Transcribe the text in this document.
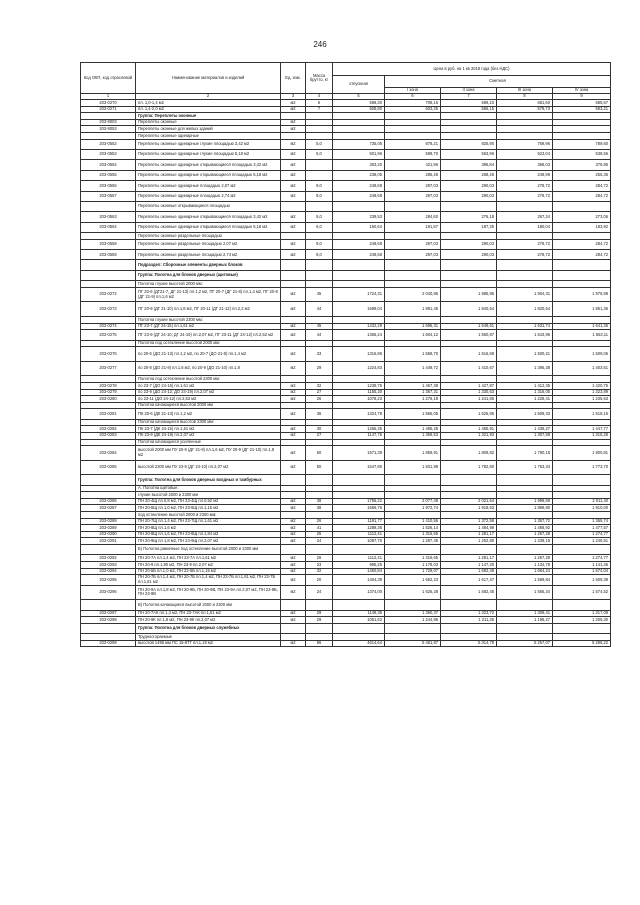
246
Код ОКП, код отраслевой	Наименование материалов и изделий	Ед. изм.	Масса брутто, кг	Цена в руб. на 1 кв 2018 года (без НДС)				
				отпускная	Сметная			
					I зона	II зона	III зона	IV зона
1	2	3	4	5	6	7	8	9
203-0270	пл. 1,0-1,4 м2	м2	6	598,30	708,16	689,10	681,60	685,67
203-0271	пл. 1,4-2,0 м2	м2	7	508,80	603,35	586,15	579,73	583,21
	Группа: Переплеты оконные							
203-9003	Переплеты оконные	м2						
203-9053	Переплеты оконные для жилых зданий	м2						
	Переплеты оконные одинарные							
203-0552	Переплеты оконные одинарные глухие площадью 3,42 м2	м2	5,0	735,05	878,21	825,90	769,96	789,60
203-0553	Переплеты оконные одинарные глухие площадью 5,18 м2	м2	5,0	501,96	599,70	563,96	523,04	538,56
203-0554	Переплеты оконные одинарные открывающиеся площадью 3,42 м2	м2		353,20	421,96	396,84	368,03	378,95
203-0555	Переплеты оконные одинарные открывающиеся площадью 5,18 м2	м2		238,05	285,48	268,48	248,99	256,35
203-0556	Переплеты оконные одинарные площадью 2,07 м2	м2	9,0	248,68	297,03	290,03	278,72	284,72
203-0557	Переплеты оконные одинарные площадью 2,74 м2	м2	8,0	248,68	297,03	290,03	278,72	284,72
	Переплеты оконные открывающиеся площадью							
203-0563	Переплеты оконные одинарные открывающиеся площадью 3,42 м2	м2	5,0	239,53	284,60	276,18	267,34	273,06
203-0564	Переплеты оконные одинарные открывающиеся площадью 5,18 м2	м2	6,0	160,64	191,87	187,35	180,04	183,92
	Переплеты оконные раздельные площадью							
203-0558	Переплеты оконные раздельные площадью 2,07 м2	м2	9,0	248,68	297,03	290,03	278,72	284,72
203-0559	Переплеты оконные раздельные площадью 2,74 м2	м2	8,0	248,68	297,03	290,03	278,72	284,72
	Подраздел: Сборочные элементы дверных блоков							
	Группа: Полотна для блоков дверных (щитовые)							
	Полотна глухие высотой 2000 мм:							
203-0272	ПГ 20-6 (ДГ21-7, ДГ 21-13) пл.1,2 м2, ПГ 20-7 (ДГ 21-8) пл.1,4 м2, ПГ 20-8 (ДГ 21-9) пл.1,6 м2	м2	45	1724,31	2 040,86	1 985,86	1 904,31	1 975,99
203-0273	ПГ 20-9 (ДГ 21-10) пл.1,8 м2, ПГ 20-11 (ДГ 21-12) пл.2,2 м2	м2	44	1598,04	1 891,45	1 840,54	1 820,54	1 851,36
	Полотна глухие высотой 2300 мм:							
203-0274	ПГ 23-7 (ДГ 24-15) пл.1,61 м2	м2	45	1432,29	1 695,31	1 649,61	1 631,74	1 641,36
203-0275	ПГ 23-9 (ДГ 24-10; ДГ 24-19) пл.2,07 м2, ПГ 23-11 (ДГ 24-12) пл.2,53 м2	м2	44	1365,24	1 604,12	1 560,87	1 543,96	1 553,11
	Полотна под остекление высотой 2000 мм:							
203-0276	по 20-6 (ДО 21-13) пл.1,2 м2, по 20-7 (ДО 21-8) пл.1,4 м2	м2	33	1316,86	1 558,70	1 516,68	1 500,21	1 509,06
203-0277	по 20-8 (ДО 21-9) пл.1,6 м2, по 20-9 (ДО 21-10) пл.1,8	м2	29	1224,83	1 449,72	1 410,67	1 395,38	1 403,61
	Полотна под остекление высотой 2300 мм:							
203-0278	по 23-7 (ДО 24-15) пл.1,61 м2	м2	32	1239,75	1 467,38	1 427,87	1 412,35	1 420,75
203-0279	по 23-9 (ДО 24-12; ДО 24-19) пл.2,07 м2	м2	27	1155,20	1 367,31	1 330,53	1 316,05	1 323,89
203-0280	по 23-11 (ДО 24-12) пл.2,53 м2	м2	26	1078,23	1 276,19	1 241,85	1 228,41	1 235,63
	Полотна качающиеся высотой 2000 мм							
203-0281	ПК 20-6 (ДК 21-13) пл.1,2 м2	м2	36	1324,78	1 566,05	1 525,85	1 509,33	1 518,16
	Полотна качающиеся высотой 2300 мм:							
203-0282	ПК 23-7 (ДК 24-15) пл.1,61 м2	м2	30	1265,35	1 495,28	1 455,91	1 439,27	1 447,77
203-0283	ПК 23-9 (ДК 24-19) пл.2,07 м2	м2	27	1147,76	1 358,53	1 321,93	1 307,59	1 315,28
	Полотна качающиеся усиленные							
203-0284	высотой 2000 мм ПУ 20-9 (ДГ 21-9) пл.1,6 м2, ПУ 20-9 (ДГ 21-10) пл.1,8 м2	м2	60	1571,39	1 859,91	1 809,82	1 790,18	1 800,81
203-0285	высотой 2300 мм ПУ 23-9 (ДГ 24-10) пл.2,07 м2	м2	50	1547,80	1 831,98	1 782,60	1 763,34	1 773,70
	Группа: Полотна для блоков дверных входных и тамбурных							
	А. Полотна щитовые:							
	глухие высотой 2000 и 2300 мм							
203-0286	ПН 20-4Щ пл.0,8 м2, ПН 23-4Щ пл.0,92 м2	м2	38	1755,22	2 077,49	2 021,54	1 999,59	2 011,40
203-0287	ПН 20-5Щ пл.1,0 м2, ПН 23-5Щ пл.1,15 м2	м2	38	1666,76	1 972,74	1 919,63	1 898,80	1 910,00
	под остекление высотой 2000 и 2300 мм:							
203-0288	ПН 20-7Щ пл.1,4 м2, ПН 23-7Щ пл.1,61 м2	м2	26	1191,77	1 410,56	1 372,58	1 357,72	1 365,74
203-0289	ПН 20-8Щ пл.1,6 м2	м2	41	1289,36	1 526,14	1 484,98	1 468,92	1 477,57
203-0290	ПН 20-8Щ пл.1,6 м2, ПН 23-8Щ пл.1,84 м2	м2	25	1112,41	1 316,65	1 281,17	1 267,28	1 274,77
203-0291	ПН 20-9Щ пл.1,8 м2, ПН 23-9Щ пл.2,07 м2	м2	24	1087,76	1 287,45	1 252,80	1 239,19	1 246,51
	Б) Полотна рамочные под остекление высотой 2000 и 2300 мм							
203-0292	ПН 20-7А пл.1,4 м2, ПН 23-7А пл.1,61 м2	м2	26	1112,41	1 316,65	1 281,17	1 267,28	1 274,77
203-0293	ПН 20-9 пл.1,80 м2, ПН 23-9 пл.2,07 м2	м2	23	995,25	1 178,03	1 147,20	1 134,78	1 141,45
203-0294	ПН 20-5Б пл.1,0 м2, ПН 23-5Б пл.1,15 м2	м2	32	1460,84	1 729,07	1 682,48	1 664,24	1 674,04
203-0295	ПН 20-7Б пл.1,4 м2, ПН 20-7Б пл.1,4 м2, ПН 23-7Б пл.1,61 м2, ПН 23-7Б пл.1,61 м2	м2	20	1404,39	1 662,23	1 617,47	1 599,84	1 609,38
203-0296	ПН 20-9А пл.1,8 м2, ПН 20-9Б, ПН 20-9В, ПН 23-9А пл.2,07 м2, ПН 23-9Б, ПН 23-9В	м2	24	1374,00	1 626,28	1 582,45	1 565,34	1 574,52
	В) Полотна качающиеся высотой 2000 и 2300 мм							
203-0297	ПН 20-7АК пл.1,4 м2, ПН 23-7АК пл.1,61 м2	м2	29	1149,35	1 360,37	1 323,72	1 309,41	1 317,09
203-0298	ПН 20-9К пл.1,8 м2, ПН 23-9К пл.2,07 м2	м2	29	1051,62	1 244,95	1 211,35	1 198,27	1 205,30
	Группа: Полотна для блоков дверных служебных							
	Трудносгораемые							
203-0299	высотой 1495 мм ПС 15-8ТГ пл.1,19 м2	м2	96	4614,64	5 461,87	5 314,78	5 257,07	5 288,22
